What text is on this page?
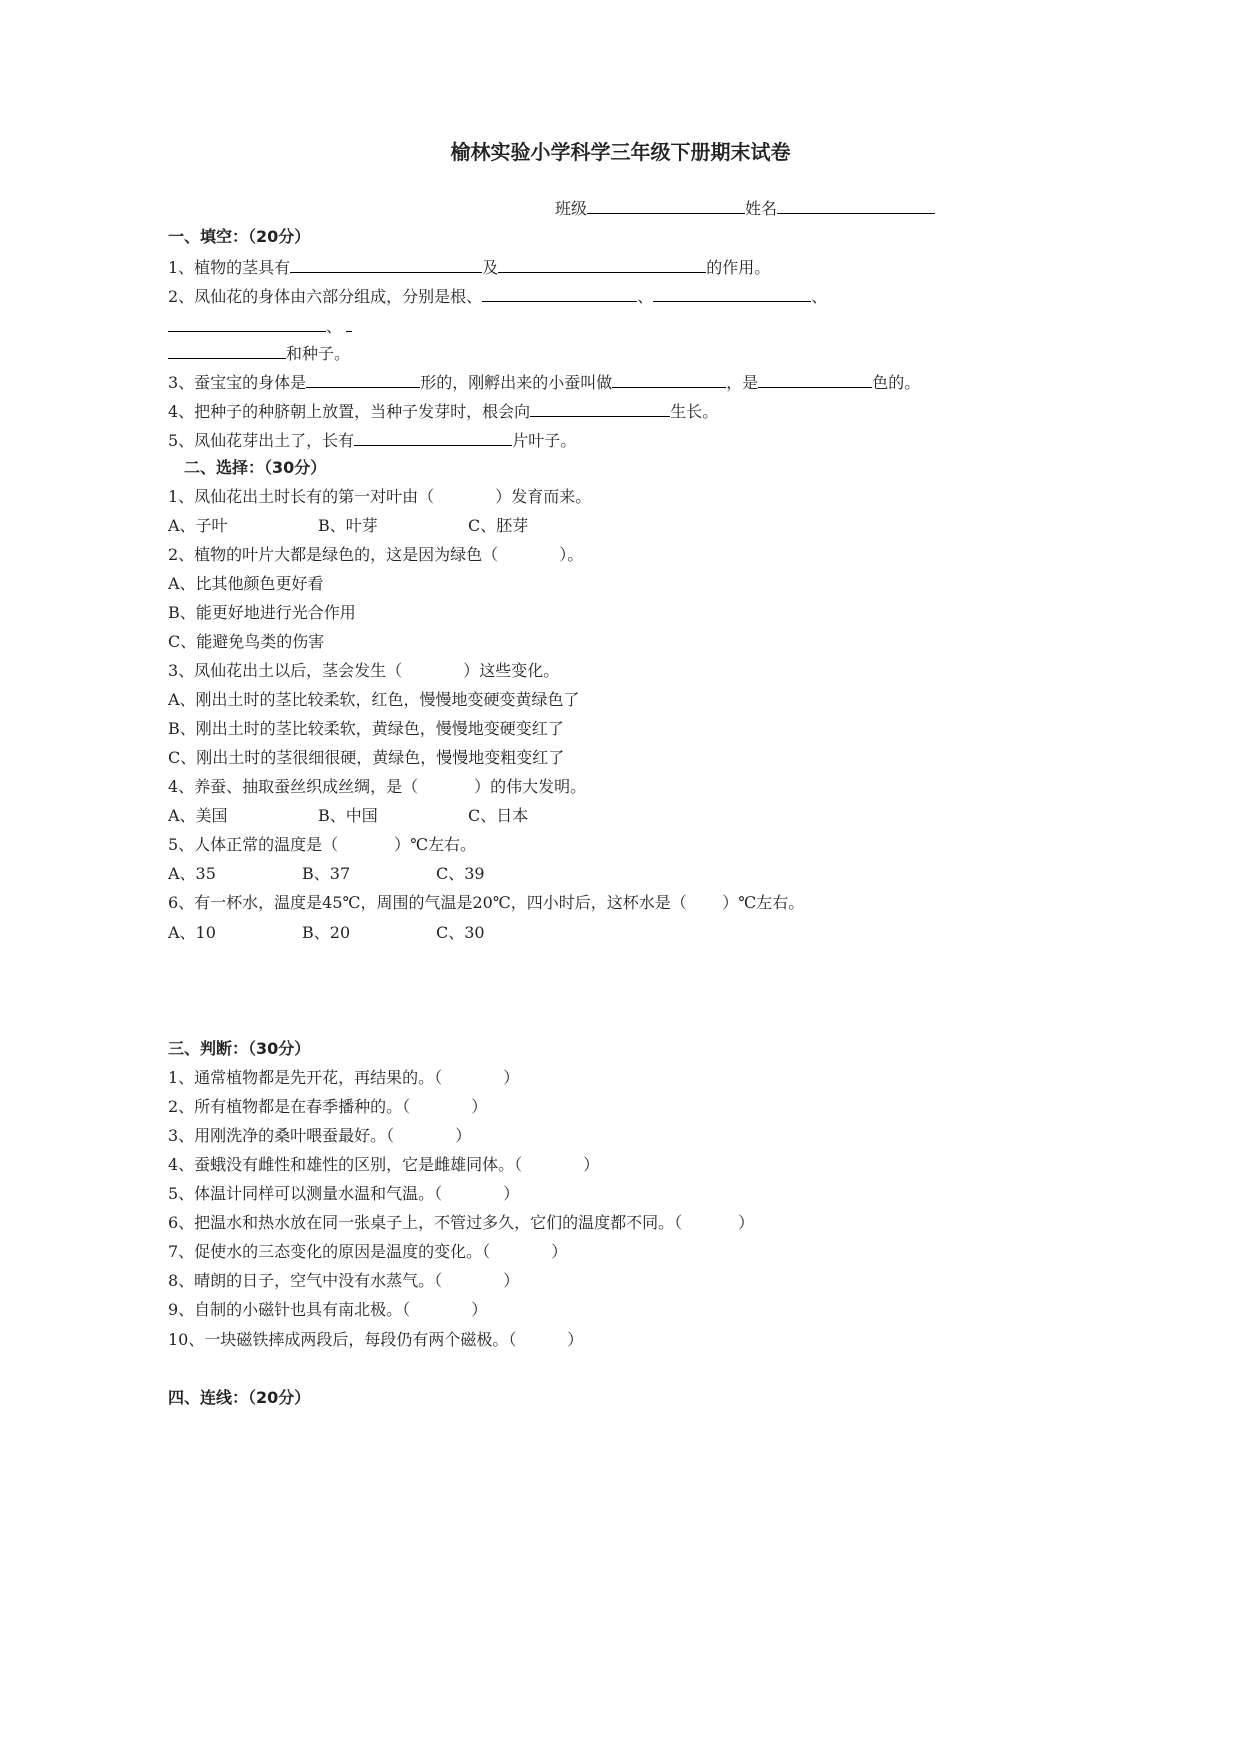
榆林实验小学科学三年级下册期末试卷
班级	姓名
一、填空：（20分）
1、植物的茎具有	及	的作用。
2、凤仙花的身体由六部分组成，分别是根、	、	、
、
和种子。
3、蚕宝宝的身体是	形的，刚孵出来的小蚕叫做	，是	色的。
4、把种子的种脐朝上放置，当种子发芽时，根会向	生长。
5、凤仙花芽出土了，长有	片叶子。
二、选择：（30分）
1、凤仙花出土时长有的第一对叶由（            ）发育而来。
A、子叶	B、叶芽	C、胚芽
2、植物的叶片大都是绿色的，这是因为绿色（            ）。
A、比其他颜色更好看
B、能更好地进行光合作用
C、能避免鸟类的伤害
3、凤仙花出土以后，茎会发生（            ）这些变化。
A、刚出土时的茎比较柔软，红色，慢慢地变硬变黄绿色了
B、刚出土时的茎比较柔软，黄绿色，慢慢地变硬变红了
C、刚出土时的茎很细很硬，黄绿色，慢慢地变粗变红了
4、养蚕、抽取蚕丝织成丝绸，是（           ）的伟大发明。
A、美国	B、中国	C、日本
5、人体正常的温度是（           ）℃左右。
A、35	B、37	C、39
6、有一杯水，温度是45℃，周围的气温是20℃，四小时后，这杯水是（       ）℃左右。
A、10	B、20	C、30
三、判断：（30分）
1、通常植物都是先开花，再结果的。（            ）
2、所有植物都是在春季播种的。（            ）
3、用刚洗净的桑叶喂蚕最好。（            ）
4、蚕蛾没有雌性和雄性的区别，它是雌雄同体。（            ）
5、体温计同样可以测量水温和气温。（            ）
6、把温水和热水放在同一张桌子上，不管过多久，它们的温度都不同。（           ）
7、促使水的三态变化的原因是温度的变化。（            ）
8、晴朗的日子，空气中没有水蒸气。（            ）
9、自制的小磁针也具有南北极。（            ）
10、一块磁铁摔成两段后，每段仍有两个磁极。（          ）
四、连线：（20分）
